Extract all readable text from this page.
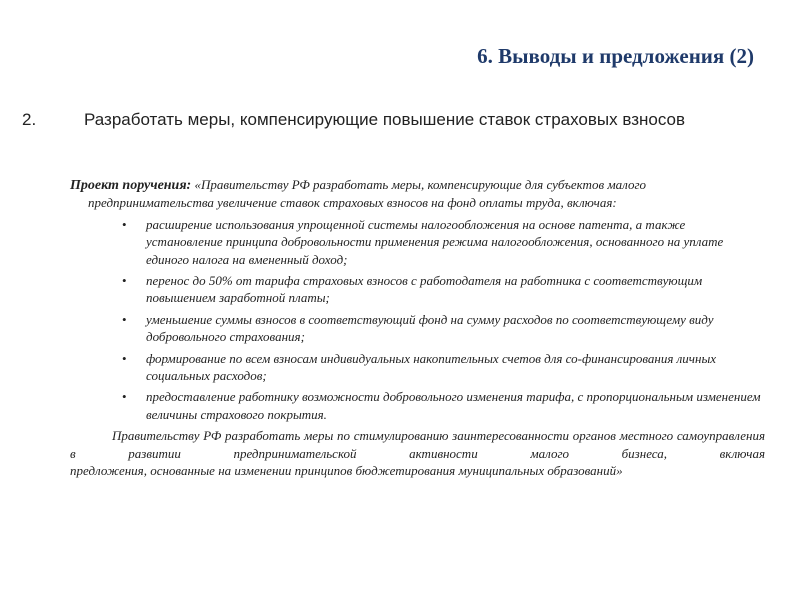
6. Выводы и предложения (2)
2.	Разработать меры, компенсирующие повышение ставок страховых взносов

Проект поручения: «Правительству РФ разработать меры, компенсирующие для субъектов малого предпринимательства увеличение ставок страховых взносов на фонд оплаты труда, включая:

• расширение использования упрощенной системы налогообложения на основе патента, а также установление принципа добровольности применения режима налогообложения, основанного на уплате единого налога на вмененный доход;
• перенос до 50% от тарифа страховых взносов с работодателя на работника с соответствующим повышением заработной платы;
• уменьшение суммы взносов в соответствующий фонд на сумму расходов по соответствующему виду добровольного страхования;
• формирование по всем взносам индивидуальных накопительных счетов для со-финансирования личных социальных расходов;
• предоставление работнику возможности добровольного изменения тарифа, с пропорциональным изменением величины страхового покрытия.

Правительству РФ разработать меры по стимулированию заинтересованности органов местного самоуправления в развитии предпринимательской активности малого бизнеса, включая

предложения, основанные на изменении принципов бюджетирования муниципальных образований»
